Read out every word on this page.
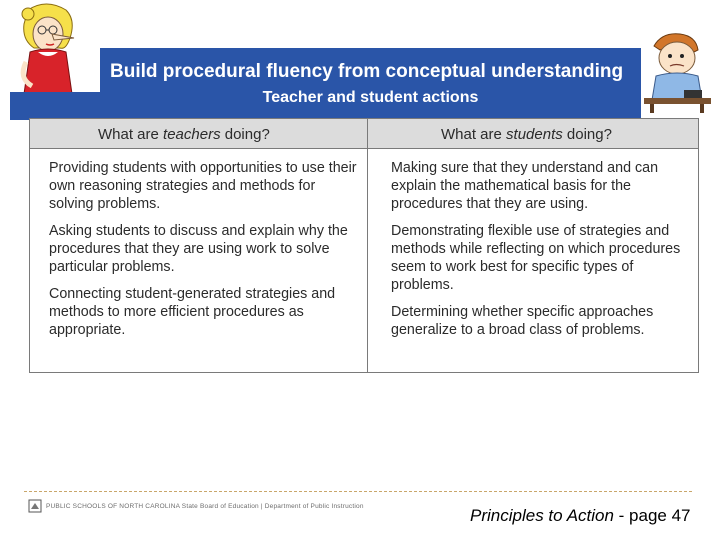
Build procedural fluency from conceptual understanding
Teacher and student actions
What are teachers doing?	What are students doing?

Providing students with opportunities to use their own reasoning strategies and methods for solving problems.

Asking students to discuss and explain why the procedures that they are using work to solve particular problems.

Connecting student-generated strategies and methods to more efficient procedures as appropriate.

Making sure that they understand and can explain the mathematical basis for the procedures that they are using.

Demonstrating flexible use of strategies and methods while reflecting on which procedures seem to work best for specific types of problems.

Determining whether specific approaches generalize to a broad class of problems.

PUBLIC SCHOOLS OF NORTH CAROLINA State Board of Education | Department of Public Instruction	Principles to Action - page 47
